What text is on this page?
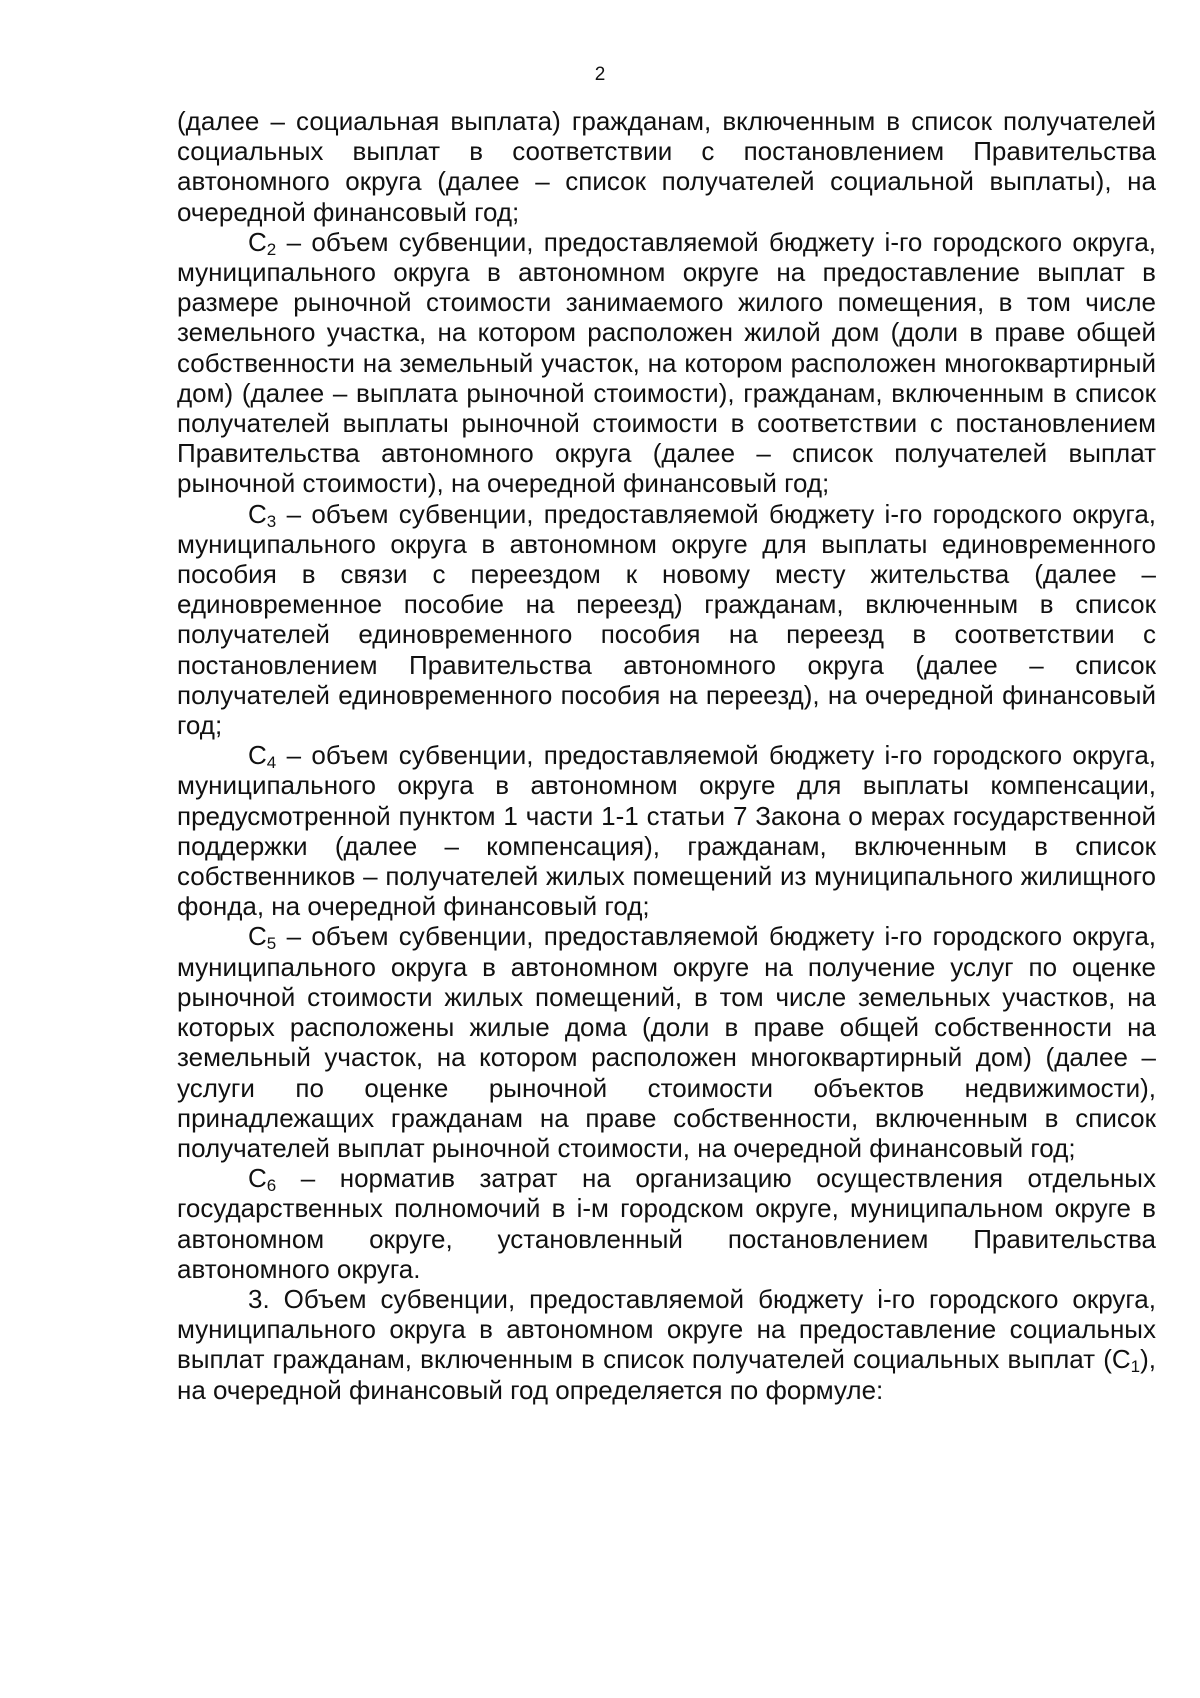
2

(далее – социальная выплата) гражданам, включенным в список получателей социальных выплат в соответствии с постановлением Правительства автономного округа (далее – список получателей социальной выплаты), на очередной финансовый год;

$С_2$ – объем субвенции, предоставляемой бюджету i-го городского округа, муниципального округа в автономном округе на предоставление выплат в размере рыночной стоимости занимаемого жилого помещения, в том числе земельного участка, на котором расположен жилой дом (доли в праве общей собственности на земельный участок, на котором расположен многоквартирный дом) (далее – выплата рыночной стоимости), гражданам, включенным в список получателей выплаты рыночной стоимости в соответствии с постановлением Правительства автономного округа (далее – список получателей выплат рыночной стоимости), на очередной финансовый год;

$С_3$ – объем субвенции, предоставляемой бюджету i-го городского округа, муниципального округа в автономном округе для выплаты единовременного пособия в связи с переездом к новому месту жительства (далее – единовременное пособие на переезд) гражданам, включенным в список получателей единовременного пособия на переезд в соответствии с постановлением Правительства автономного округа (далее – список получателей единовременного пособия на переезд), на очередной финансовый год;

$С_4$ – объем субвенции, предоставляемой бюджету i-го городского округа, муниципального округа в автономном округе для выплаты компенсации, предусмотренной пунктом 1 части 1-1 статьи 7 Закона о мерах государственной поддержки (далее – компенсация), гражданам, включенным в список собственников – получателей жилых помещений из муниципального жилищного фонда, на очередной финансовый год;

$С_5$ – объем субвенции, предоставляемой бюджету i-го городского округа, муниципального округа в автономном округе на получение услуг по оценке рыночной стоимости жилых помещений, в том числе земельных участков, на которых расположены жилые дома (доли в праве общей собственности на земельный участок, на котором расположен многоквартирный дом) (далее – услуги по оценке рыночной стоимости объектов недвижимости), принадлежащих гражданам на праве собственности, включенным в список получателей выплат рыночной стоимости, на очередной финансовый год;

$С_6$ – норматив затрат на организацию осуществления отдельных государственных полномочий в i-м городском округе, муниципальном округе в автономном округе, установленный постановлением Правительства автономного округа.

3. Объем субвенции, предоставляемой бюджету i-го городского округа, муниципального округа в автономном округе на предоставление социальных выплат гражданам, включенным в список получателей социальных выплат $(С_1)$, на очередной финансовый год определяется по формуле:
